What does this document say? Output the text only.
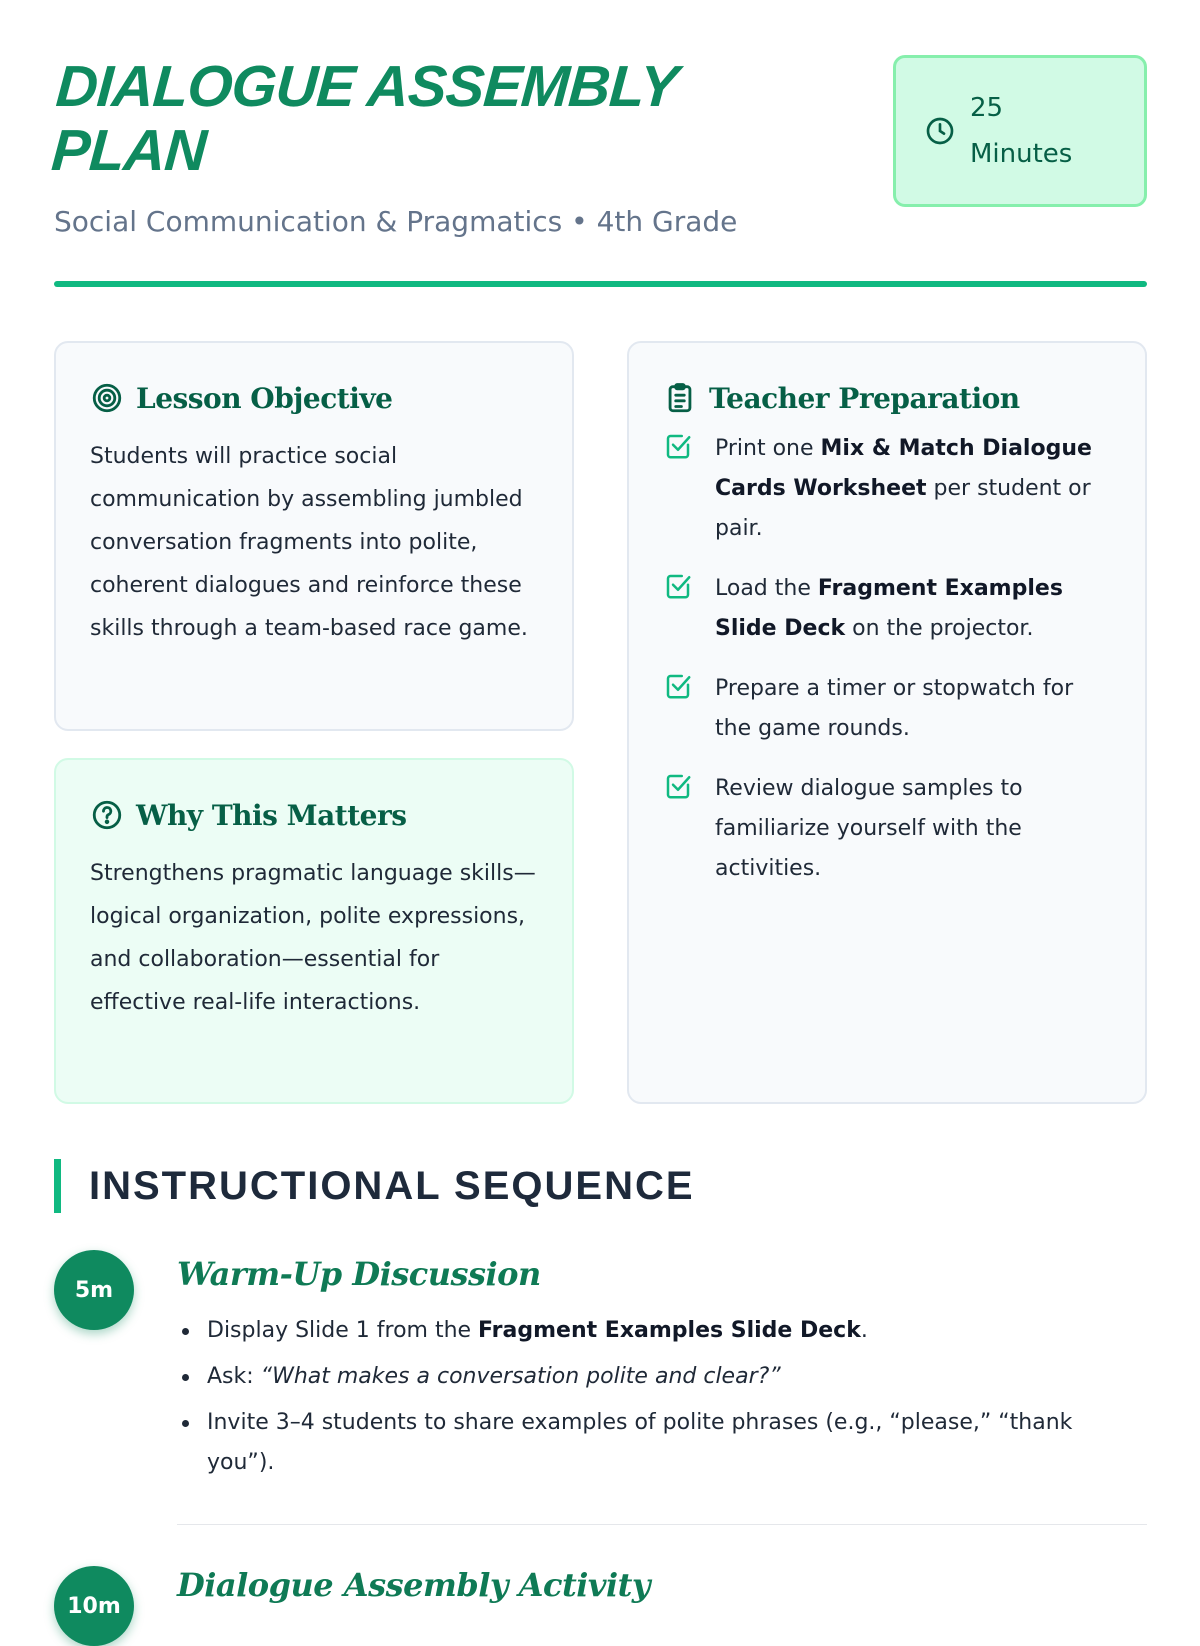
DIALOGUE ASSEMBLY PLAN
Social Communication & Pragmatics • 4th Grade
25
Minutes
Lesson Objective
Students will practice social communication by assembling jumbled conversation fragments into polite, coherent dialogues and reinforce these skills through a team-based race game.
Why This Matters
Strengthens pragmatic language skills—logical organization, polite expressions, and collaboration—essential for effective real-life interactions.
Teacher Preparation
Print one Mix & Match Dialogue Cards Worksheet per student or pair.
Load the Fragment Examples Slide Deck on the projector.
Prepare a timer or stopwatch for the game rounds.
Review dialogue samples to familiarize yourself with the activities.
INSTRUCTIONAL SEQUENCE
5m	Warm-Up Discussion
Display Slide 1 from the Fragment Examples Slide Deck.
Ask: “What makes a conversation polite and clear?”
Invite 3–4 students to share examples of polite phrases (e.g., “please,” “thank you”).
10m
Dialogue Assembly Activity
